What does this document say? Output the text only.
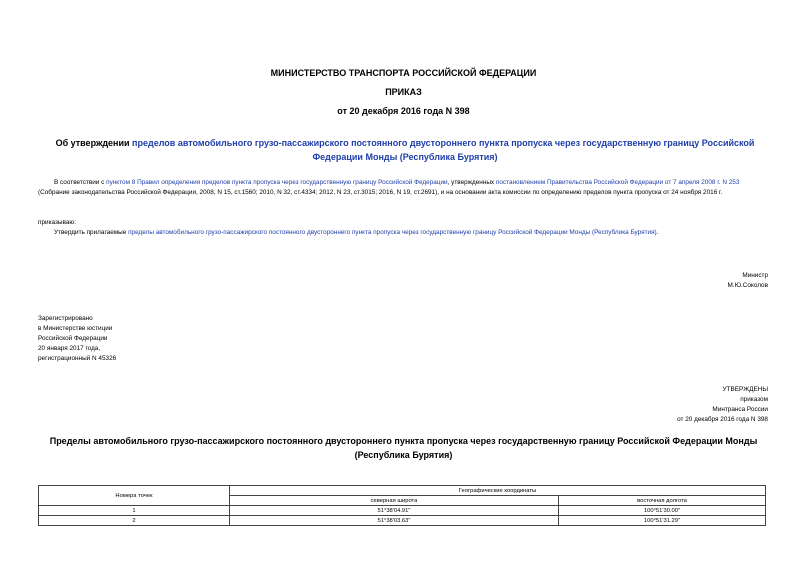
МИНИСТЕРСТВО ТРАНСПОРТА РОССИЙСКОЙ ФЕДЕРАЦИИ
ПРИКАЗ
от 20 декабря 2016 года N 398
Об утверждении пределов автомобильного грузо-пассажирского постоянного двустороннего пункта пропуска через государственную границу Российской Федерации Монды (Республика Бурятия)
В соответствии с пунктом 8 Правил определения пределов пункта пропуска через государственную границу Российской Федерации, утвержденных постановлением Правительства Российской Федерации от 7 апреля 2008 г. N 253 (Собрание законодательства Российской Федерации, 2008, N 15, ст.1560; 2010, N 32, ст.4334; 2012, N 23, ст.3015; 2016, N 19, ст.2691), и на основании акта комиссии по определению пределов пункта пропуска от 24 ноября 2016 г.
приказываю:
Утвердить прилагаемые пределы автомобильного грузо-пассажирского постоянного двустороннего пункта пропуска через государственную границу Российской Федерации Монды (Республика Бурятия).
Министр
М.Ю.Соколов
Зарегистрировано
в Министерстве юстиции
Российской Федерации
20 января 2017 года,
регистрационный N 45326
УТВЕРЖДЕНЫ
приказом
Минтранса России
от 20 декабря 2016 года N 398
Пределы автомобильного грузо-пассажирского постоянного двустороннего пункта пропуска через государственную границу Российской Федерации Монды (Республика Бурятия)
Номера точек	Географические координаты	
	северная широта	восточная долгота
1	51°38'04.91"	100°51'30.00"
2	51°38'03.63"	100°51'31.29"
